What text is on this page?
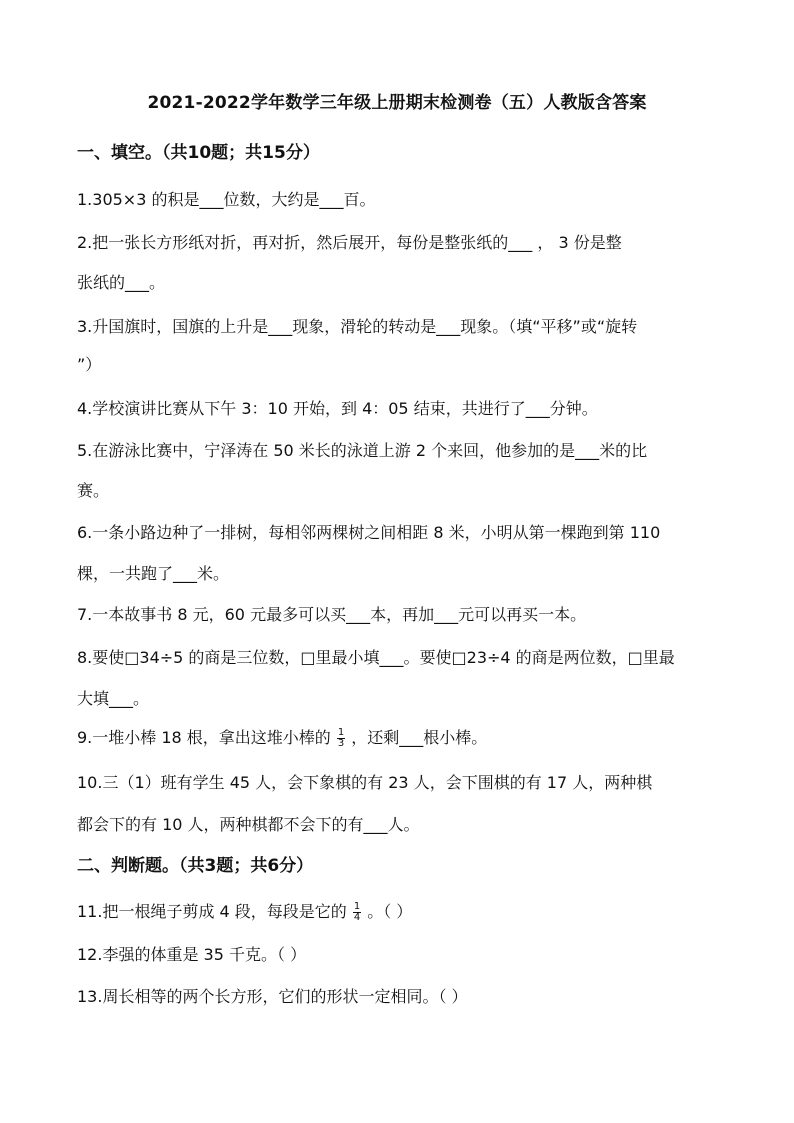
2021-2022学年数学三年级上册期末检测卷（五）人教版含答案
一、填空。（共10题；共15分）
1.305×3 的积是___位数，大约是___百。
2.把一张长方形纸对折，再对折，然后展开，每份是整张纸的___ ， 3 份是整
张纸的___。
3.升国旗时，国旗的上升是___现象，滑轮的转动是___现象。（填“平移”或“旋转
”）
4.学校演讲比赛从下午 3：10 开始，到 4：05 结束，共进行了___分钟。
5.在游泳比赛中，宁泽涛在 50 米长的泳道上游 2 个来回，他参加的是___米的比
赛。
6.一条小路边种了一排树，每相邻两棵树之间相距 8 米，小明从第一棵跑到第 110
棵，一共跑了___米。
7.一本故事书 8 元，60 元最多可以买___本，再加___元可以再买一本。
8.要使□34÷5 的商是三位数，□里最小填___。要使□23÷4 的商是两位数，□里最
大填___。
9.一堆小棒 18 根，拿出这堆小棒的 $\frac{1}{3}$ ，还剩___根小棒。
10.三（1）班有学生 45 人，会下象棋的有 23 人，会下围棋的有 17 人，两种棋
都会下的有 10 人，两种棋都不会下的有___人。
二、判断题。（共3题；共6分）
11.把一根绳子剪成 4 段，每段是它的 $\frac{1}{4}$ 。（ ）
12.李强的体重是 35 千克。（ ）
13.周长相等的两个长方形，它们的形状一定相同。（ ）
